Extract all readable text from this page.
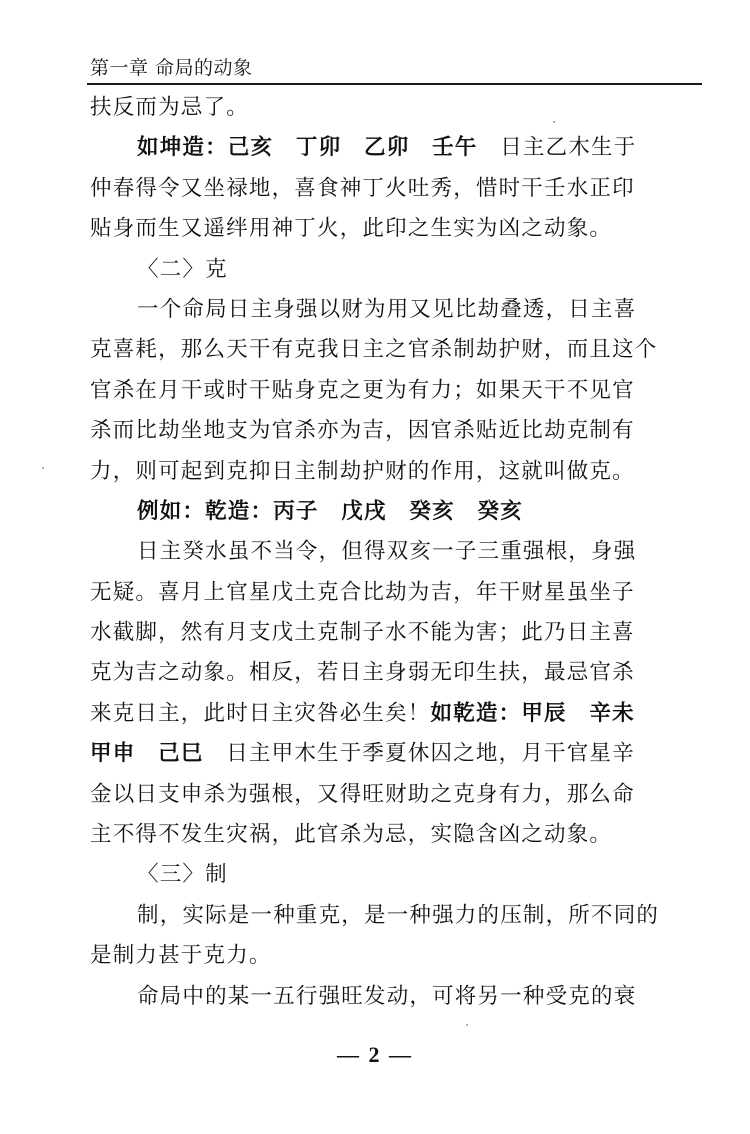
第一章 命局的动象
扶反而为忌了。
如坤造：己亥　丁卯　乙卯　壬午　日主乙木生于
仲春得令又坐禄地，喜食神丁火吐秀，惜时干壬水正印
贴身而生又遥绊用神丁火，此印之生实为凶之动象。
〈二〉克
一个命局日主身强以财为用又见比劫叠透，日主喜
克喜耗，那么天干有克我日主之官杀制劫护财，而且这个
官杀在月干或时干贴身克之更为有力；如果天干不见官
杀而比劫坐地支为官杀亦为吉，因官杀贴近比劫克制有
力，则可起到克抑日主制劫护财的作用，这就叫做克。
例如：乾造：丙子　戊戌　癸亥　癸亥
日主癸水虽不当令，但得双亥一子三重强根，身强
无疑。喜月上官星戊土克合比劫为吉，年干财星虽坐子
水截脚，然有月支戊土克制子水不能为害；此乃日主喜
克为吉之动象。相反，若日主身弱无印生扶，最忌官杀
来克日主，此时日主灾咎必生矣！如乾造：甲辰　辛未
甲申　己巳　日主甲木生于季夏休囚之地，月干官星辛
金以日支申杀为强根，又得旺财助之克身有力，那么命
主不得不发生灾祸，此官杀为忌，实隐含凶之动象。
〈三〉制
制，实际是一种重克，是一种强力的压制，所不同的
是制力甚于克力。
命局中的某一五行强旺发动，可将另一种受克的衰
— 2 —
